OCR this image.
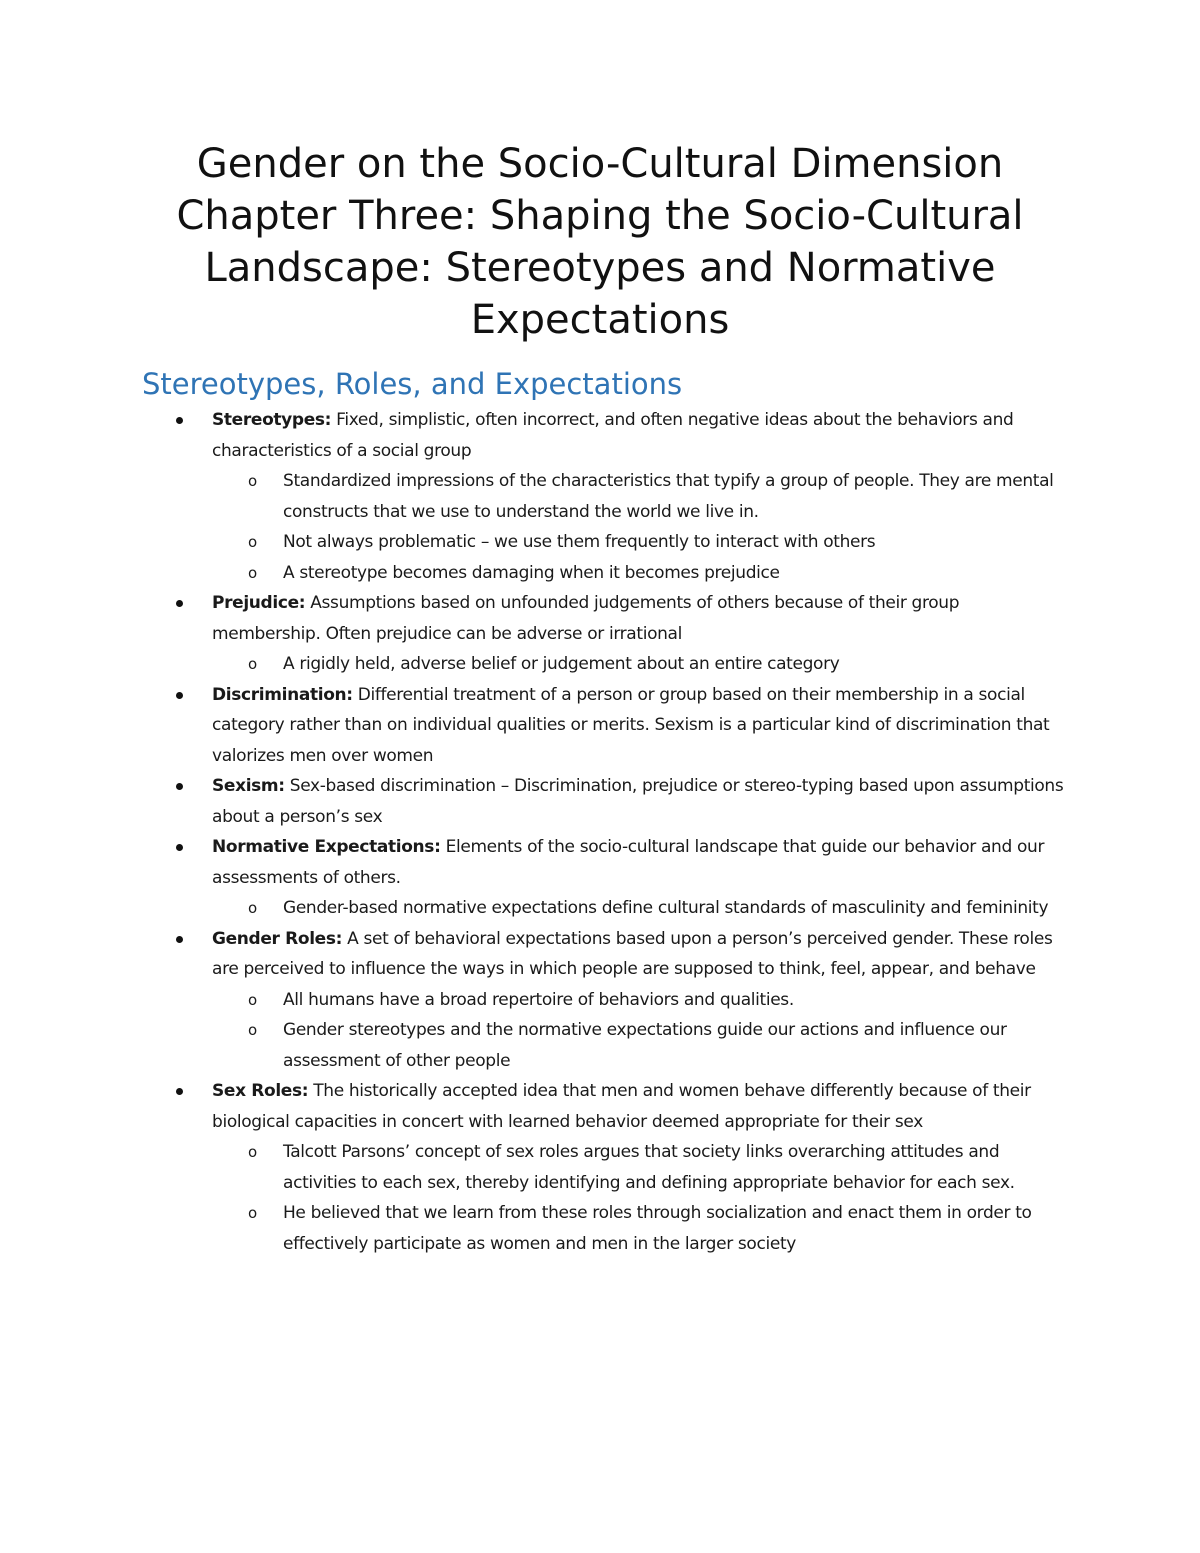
Gender on the Socio-Cultural Dimension
Chapter Three: Shaping the Socio-Cultural
Landscape: Stereotypes and Normative
Expectations
Stereotypes, Roles, and Expectations
Stereotypes: Fixed, simplistic, often incorrect, and often negative ideas about the behaviors and characteristics of a social group
o Standardized impressions of the characteristics that typify a group of people. They are mental constructs that we use to understand the world we live in.
o Not always problematic – we use them frequently to interact with others
o A stereotype becomes damaging when it becomes prejudice
Prejudice: Assumptions based on unfounded judgements of others because of their group membership. Often prejudice can be adverse or irrational
o A rigidly held, adverse belief or judgement about an entire category
Discrimination: Differential treatment of a person or group based on their membership in a social category rather than on individual qualities or merits. Sexism is a particular kind of discrimination that valorizes men over women
Sexism: Sex-based discrimination – Discrimination, prejudice or stereo-typing based upon assumptions about a person’s sex
Normative Expectations: Elements of the socio-cultural landscape that guide our behavior and our assessments of others.
o Gender-based normative expectations define cultural standards of masculinity and femininity
Gender Roles: A set of behavioral expectations based upon a person’s perceived gender. These roles are perceived to influence the ways in which people are supposed to think, feel, appear, and behave
o All humans have a broad repertoire of behaviors and qualities.
o Gender stereotypes and the normative expectations guide our actions and influence our assessment of other people
Sex Roles: The historically accepted idea that men and women behave differently because of their biological capacities in concert with learned behavior deemed appropriate for their sex
o Talcott Parsons’ concept of sex roles argues that society links overarching attitudes and activities to each sex, thereby identifying and defining appropriate behavior for each sex.
o He believed that we learn from these roles through socialization and enact them in order to effectively participate as women and men in the larger society
